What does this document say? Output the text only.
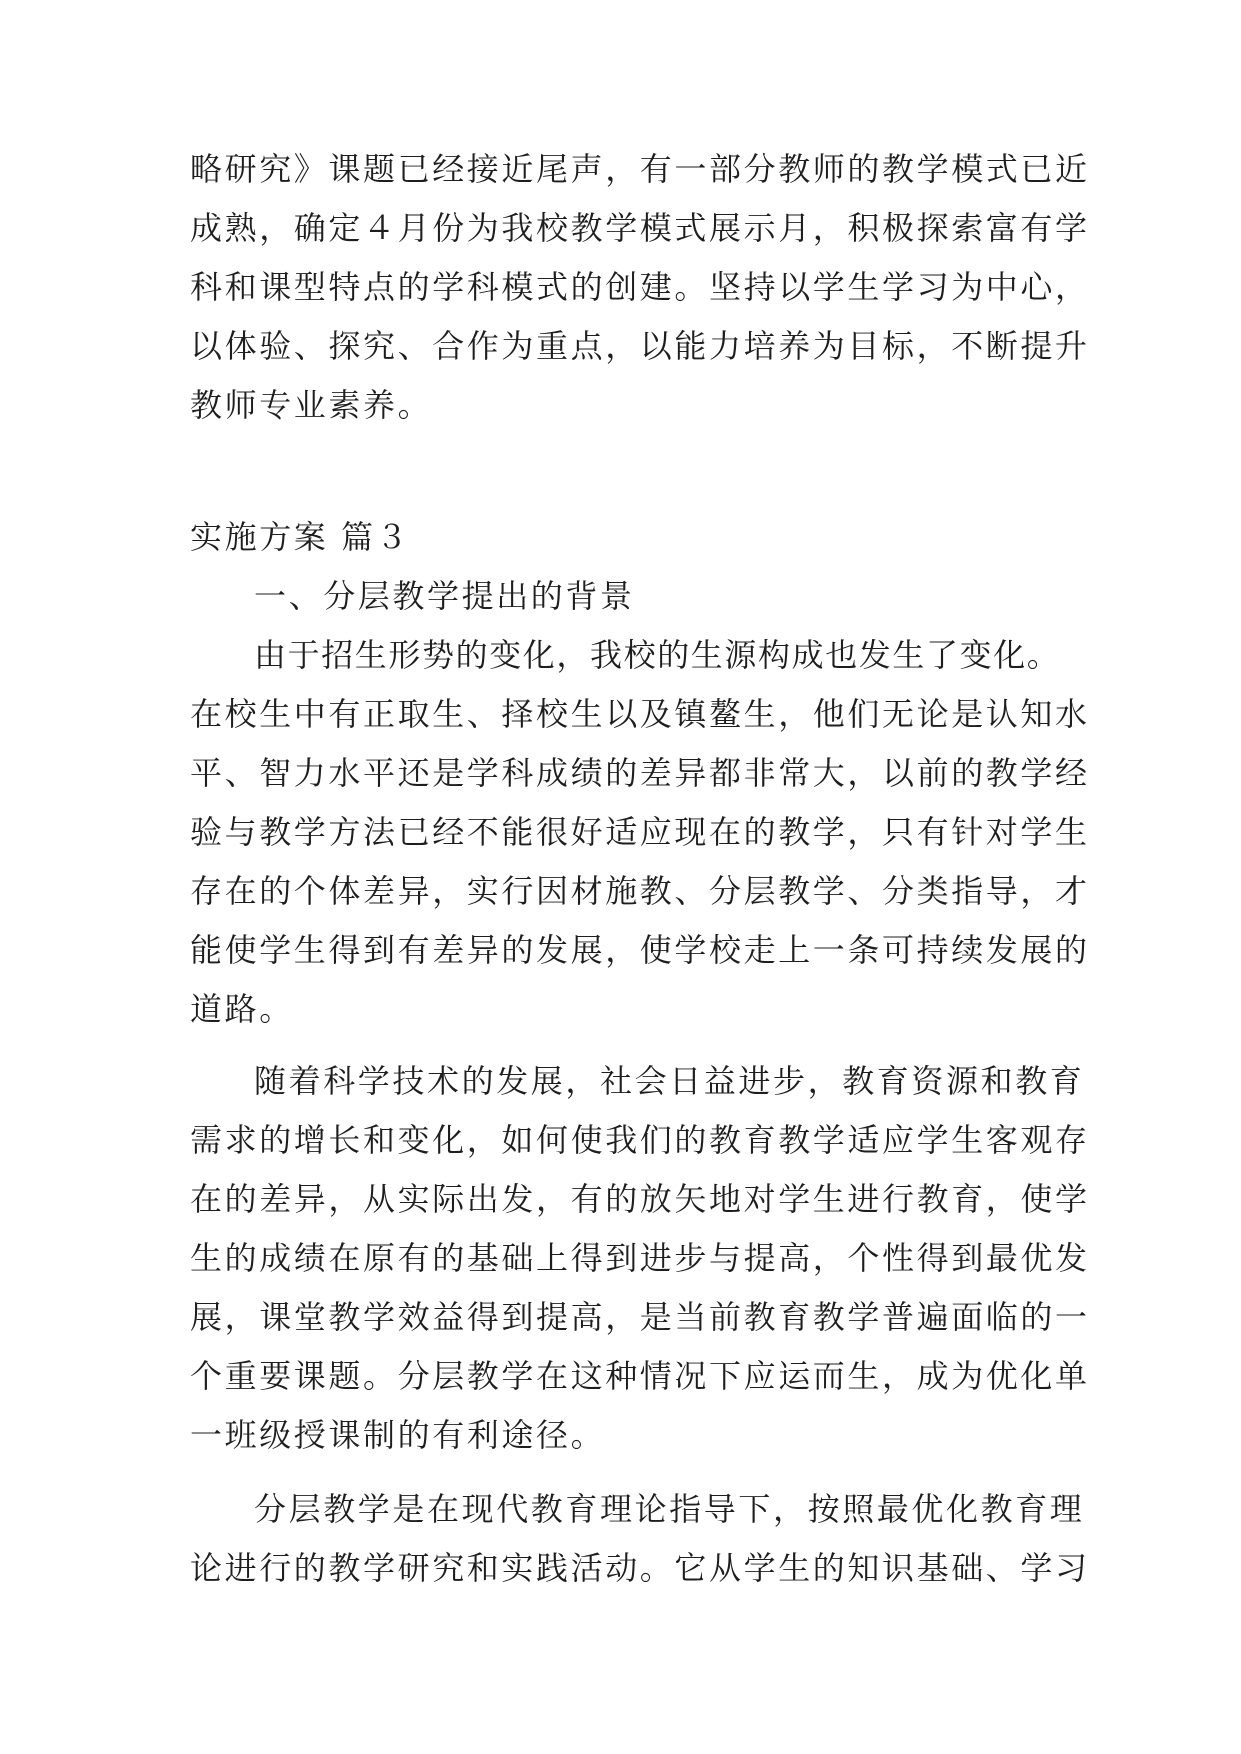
略研究》课题已经接近尾声，有一部分教师的教学模式已近
成熟，确定４月份为我校教学模式展示月，积极探索富有学
科和课型特点的学科模式的创建。坚持以学生学习为中心，
以体验、探究、合作为重点，以能力培养为目标，不断提升
教师专业素养。
实施方案 篇３
一、分层教学提出的背景
由于招生形势的变化，我校的生源构成也发生了变化。
在校生中有正取生、择校生以及镇鳌生，他们无论是认知水
平、智力水平还是学科成绩的差异都非常大，以前的教学经
验与教学方法已经不能很好适应现在的教学，只有针对学生
存在的个体差异，实行因材施教、分层教学、分类指导，才
能使学生得到有差异的发展，使学校走上一条可持续发展的
道路。
随着科学技术的发展，社会日益进步，教育资源和教育
需求的增长和变化，如何使我们的教育教学适应学生客观存
在的差异，从实际出发，有的放矢地对学生进行教育，使学
生的成绩在原有的基础上得到进步与提高，个性得到最优发
展，课堂教学效益得到提高，是当前教育教学普遍面临的一
个重要课题。分层教学在这种情况下应运而生，成为优化单
一班级授课制的有利途径。
分层教学是在现代教育理论指导下，按照最优化教育理
论进行的教学研究和实践活动。它从学生的知识基础、学习
